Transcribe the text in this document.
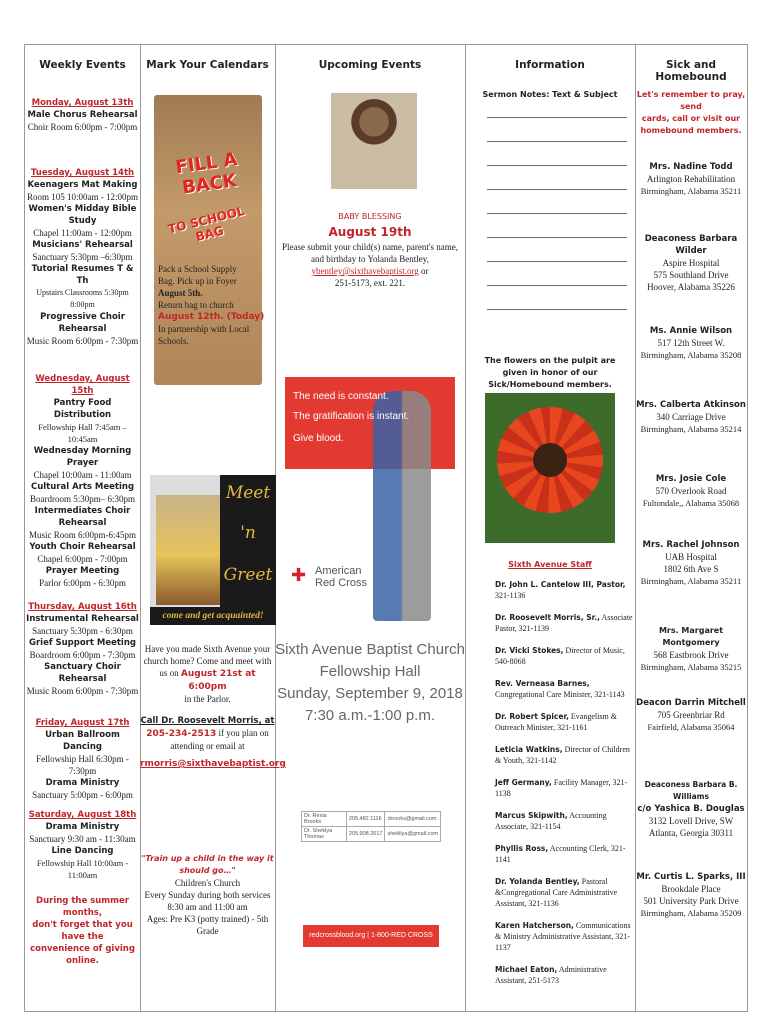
Weekly Events
Monday, August 13th
Male Chorus Rehearsal
Choir Room 6:00pm - 7:00pm
Tuesday, August 14th
Keenagers Mat Making
Room 105 10:00am - 12:00pm
Women's Midday Bible Study
Chapel 11:00am - 12:00pm
Musicians' Rehearsal
Sanctuary 5:30pm –6:30pm
Tutorial Resumes T & Th
Upstairs Classrooms 5:30pm 8:00pm
Progressive Choir Rehearsal
Music Room 6:00pm - 7:30pm
Wednesday, August 15th
Pantry Food Distribution
Fellowship Hall 7:45am – 10:45am
Wednesday Morning Prayer
Chapel 10:00am - 11:00am
Cultural Arts Meeting
Boardroom 5:30pm– 6:30pm
Intermediates Choir Rehearsal
Music Room 6:00pm-6:45pm
Youth Choir Rehearsal
Chapel 6:00pm - 7:00pm
Prayer Meeting
Parlor 6:00pm - 6:30pm
Thursday, August 16th
Instrumental Rehearsal
Sanctuary 5:30pm - 6:30pm
Grief Support Meeting
Boardroom 6:00pm - 7:30pm
Sanctuary Choir Rehearsal
Music Room 6:00pm - 7:30pm
Friday, August 17th
Urban Ballroom Dancing
Fellowship Hall 6:30pm - 7:30pm
Drama Ministry
Sanctuary 5:00pm - 6:00pm
Saturday, August 18th
Drama Ministry
Sanctuary 9:30 am - 11:30am
Line Dancing
Fellowship Hall 10:00am - 11:00am
During the summer months,
don't forget that you have the
convenience of giving online.
Mark Your Calendars
FILL A BACK
TO SCHOOL BAG
Pack a School Supply
Bag. Pick up in Foyer
August 5th.
Return bag to church
August 12th. (Today)
In partnership with Local
Schools.
Meet
'n
Greet
come and get acquainted!
Have you made Sixth Avenue your
church home? Come and meet with
us on August 21st at 6:00pm
in the Parlor.
Call Dr. Roosevelt Morris, at
205-234-2513 if you plan on
attending or email at
rmorris@sixthavebaptist.org
"Train up a child in the way it should go…"
Children's Church
Every Sunday during both services
8:30 am and 11:00 am
Ages: Pre K3 (potty trained) - 5th
Grade
Upcoming Events
BABY BLESSING
August 19th
Please submit your child(s) name, parent's name,
and birthday to Yolanda Bentley,
ybentley@sixthavebaptist.org or
251-5173, ext. 221.
The need is constant.
The gratification is instant.
Give blood.
✚ American
Red Cross
Sixth Avenue Baptist Church
Fellowship Hall
Sunday, September 9, 2018
7:30 a.m.-1:00 p.m.
Dr. Resia Brooks	205.482.1116	rbrooks@gmail.com
Dr. Sheklya Thomas	205.908.2617	shekllya@gmail.com
redcrossblood.org | 1-800-RED CROSS
Information
Sermon Notes: Text & Subject
The flowers on the pulpit are
given in honor of our Sick/Homebound members.
Sixth Avenue Staff
Dr. John L. Cantelow III, Pastor, 321-1136
Dr. Roosevelt Morris, Sr., Associate Pastor, 321-1139
Dr. Vicki Stokes, Director of Music, 540-8068
Rev. Verneasa Barnes, Congregational Care Minister, 321-1143
Dr. Robert Spicer, Evangelism & Outreach Minister, 321-1161
Leticia Watkins, Director of Children & Youth, 321-1142
Jeff Germany, Facility Manager, 321-1138
Marcus Skipwith, Accounting Associate, 321-1154
Phyllis Ross, Accounting Clerk, 321-1141
Dr. Yolanda Bentley, Pastoral &Congregational Care Administrative Assistant, 321-1136
Karen Hatcherson, Communications & Ministry Administrative Assistant, 321-1137
Michael Eaton, Administrative Assistant, 251-5173
Sick and Homebound
Let's remember to pray, send
cards, call or visit our
homebound members.
Mrs. Nadine Todd
Arlington Rehabilitation
Birmingham, Alabama 35211
Deaconess Barbara Wilder
Aspire Hospital
575 Southland Drive
Hoover, Alabama 35226
Ms. Annie Wilson
517 12th Street W.
Birmingham, Alabama 35208
Mrs. Calberta Atkinson
340 Carriage Drive
Birmingham, Alabama 35214
Mrs. Josie Cole
570 Overlook Road
Fultondale,, Alabama 35068
Mrs. Rachel Johnson
UAB Hospital
1802 6th Ave S
Birmingham, Alabama 35211
Mrs. Margaret Montgomery
568 Eastbrook Drive
Birmingham, Alabama 35215
Deacon Darrin Mitchell
705 Greenbriar Rd
Fairfield, Alabama 35064
Deaconess Barbara B. Williams
c/o Yashica B. Douglas
3132 Lovell Drive, SW
Atlanta, Georgia 30311
Mr. Curtis L. Sparks, III
Brookdale Place
501 University Park Drive
Birmingham, Alabama 35209
